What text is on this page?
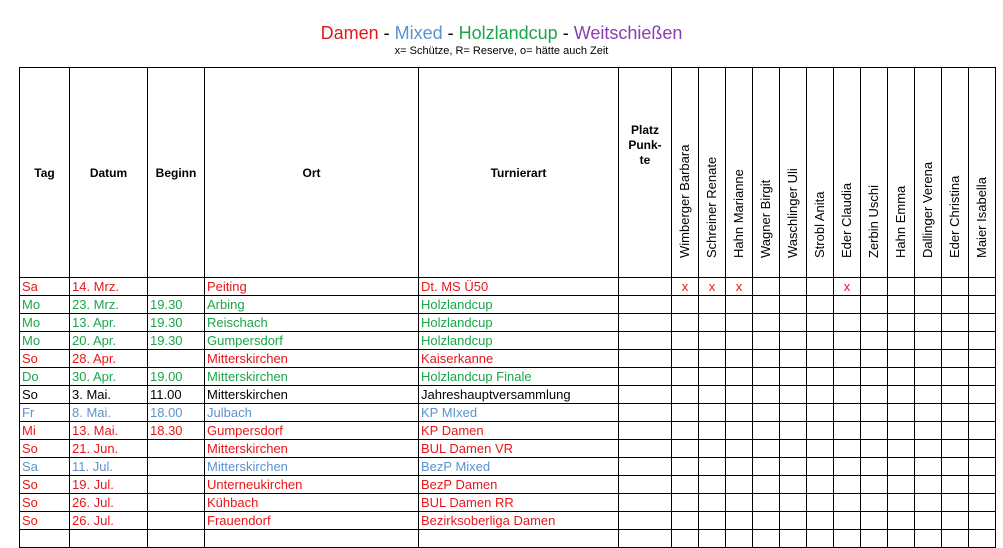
Damen - Mixed - Holzlandcup - Weitschießen
x= Schütze, R= Reserve, o= hätte auch Zeit
Tag	Datum	Beginn	Ort	Turnierart	Platz
Punk-
te	Wimberger Barbara	Schreiner Renate	Hahn Marianne	Wagner Birgit	Waschlinger Uli	Strobl Anita	Eder Claudia	Zerbin Uschi	Hahn Emma	Dallinger Verena	Eder Christina	Maier Isabella

Sa	14. Mrz.		Peiting	Dt. MS Ü50		x	x	x				x					
Mo	23. Mrz.	19.30	Arbing	Holzlandcup													
Mo	13. Apr.	19.30	Reischach	Holzlandcup													
Mo	20. Apr.	19.30	Gumpersdorf	Holzlandcup													
So	28. Apr.		Mitterskirchen	Kaiserkanne													
Do	30. Apr.	19.00	Mitterskirchen	Holzlandcup Finale													
So	3. Mai.	11.00	Mitterskirchen	Jahreshauptversammlung													
Fr	8. Mai.	18.00	Julbach	KP MIxed													
Mi	13. Mai.	18.30	Gumpersdorf	KP Damen													
So	21. Jun.		Mitterskirchen	BUL Damen VR													
Sa	11. Jul.		Mitterskirchen	BezP Mixed													
So	19. Jul.		Unterneukirchen	BezP Damen													
So	26. Jul.		Kühbach	BUL Damen RR													
So	26. Jul.		Frauendorf	Bezirksoberliga Damen													
